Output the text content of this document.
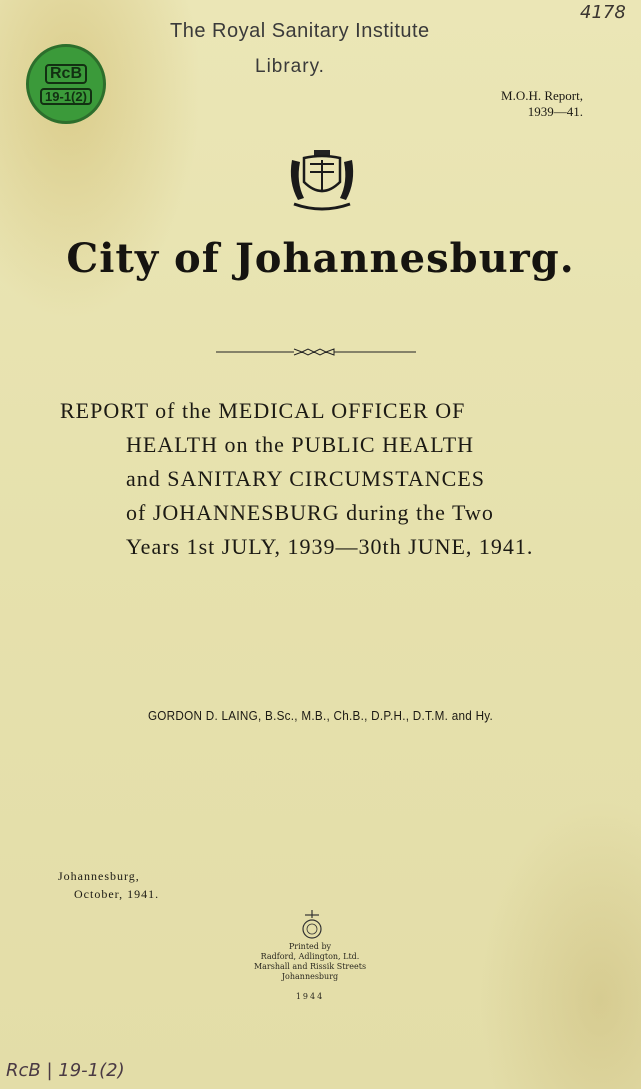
RcB
19-1(2)
The Royal Sanitary Institute
Library.
4178
M.O.H. Report,
1939—41.
City of Johannesburg.
REPORT of the MEDICAL OFFICER OF
HEALTH on the PUBLIC HEALTH
and SANITARY CIRCUMSTANCES
of JOHANNESBURG during the Two
Years 1st JULY, 1939—30th JUNE, 1941.
GORDON D. LAING, B.Sc., M.B., Ch.B., D.P.H., D.T.M. and Hy.
Johannesburg,
October, 1941.
Printed by
Radford, Adlington, Ltd.
Marshall and Rissik Streets
Johannesburg
1944
RcB | 19-1(2)
